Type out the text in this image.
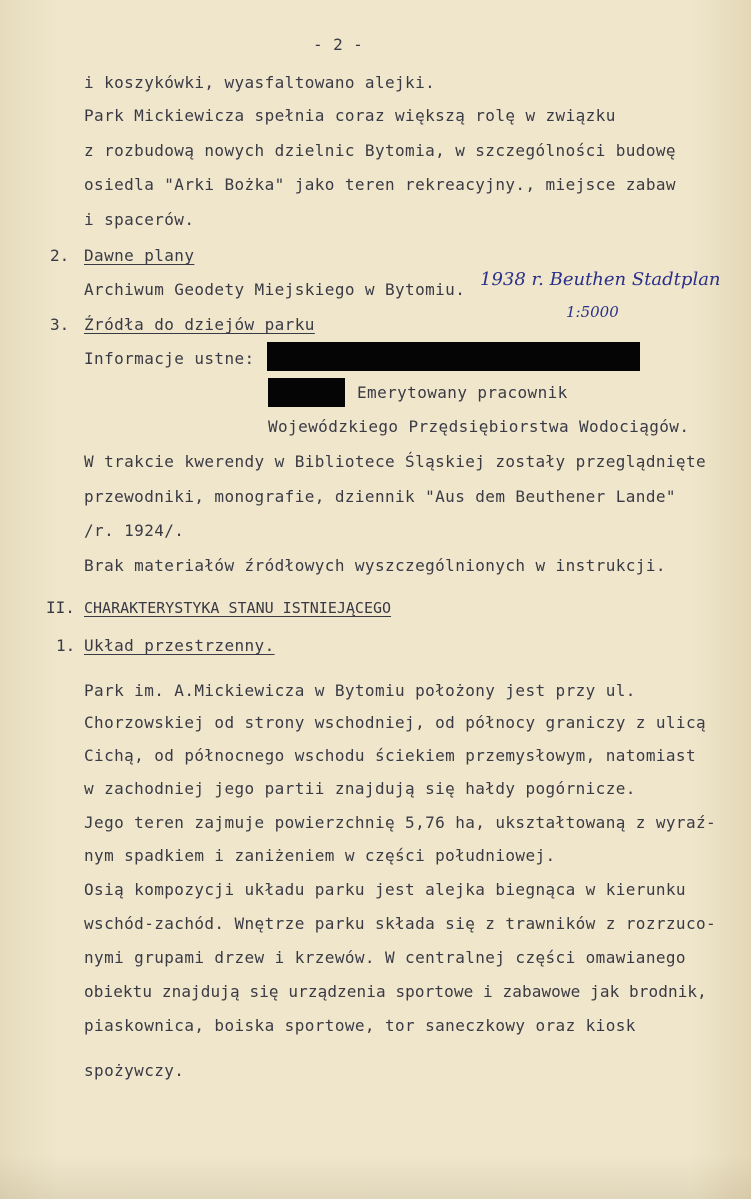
- 2 -
i koszykówki, wyasfaltowano alejki.
Park Mickiewicza spełnia coraz większą rolę w związku
z rozbudową nowych dzielnic Bytomia, w szczególności budowę
osiedla "Arki Bożka" jako teren rekreacyjny., miejsce zabaw
i spacerów.
2. Dawne plany
Archiwum Geodety Miejskiego w Bytomiu. 1938 r. Beuthen Stadtplan
1:5000
3. Źródła do dziejów parku
Informacje ustne:
Emerytowany pracownik
Wojewódzkiego Przędsiębiorstwa Wodociągów.
W trakcie kwerendy w Bibliotece Śląskiej zostały przeglądnięte
przewodniki, monografie, dziennik "Aus dem Beuthener Lande"
/r. 1924/.
Brak materiałów źródłowych wyszczególnionych w instrukcji.
II. CHARAKTERYSTYKA STANU ISTNIEJĄCEGO
1. Układ przestrzenny.
Park im. A.Mickiewicza w Bytomiu położony jest przy ul.
Chorzowskiej od strony wschodniej, od północy graniczy z ulicą
Cichą, od północnego wschodu ściekiem przemysłowym, natomiast
w zachodniej jego partii znajdują się hałdy pogórnicze.
Jego teren zajmuje powierzchnię 5,76 ha, ukształtowaną z wyraź-
nym spadkiem i zaniżeniem w części południowej.
Osią kompozycji układu parku jest alejka biegnąca w kierunku
wschód-zachód. Wnętrze parku składa się z trawników z rozrzuco-
nymi grupami drzew i krzewów. W centralnej części omawianego
obiektu znajdują się urządzenia sportowe i zabawowe jak brodnik,
piaskownica, boiska sportowe, tor saneczkowy oraz kiosk
spożywczy.
